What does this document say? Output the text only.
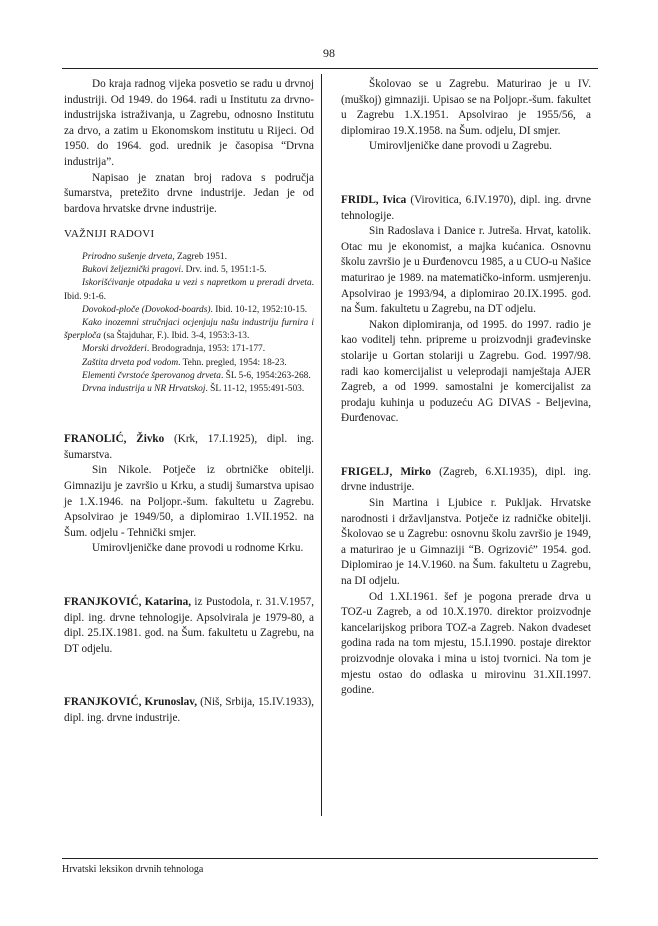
98

Do kraja radnog vijeka posvetio se radu u drvnoj industriji. Od 1949. do 1964. radi u Institutu za drvno-industrijska istraživanja, u Zagrebu, odnosno Institutu za drvo, a zatim u Ekonomskom institutu u Rijeci. Od 1950. do 1964. god. urednik je časopisa “Drvna industrija”.

Napisao je znatan broj radova s područja šumarstva, pretežito drvne industrije. Jedan je od bardova hrvatske drvne industrije.

VAŽNIJI RADOVI

Prirodno sušenje drveta, Zagreb 1951.

Bukovi željeznički pragovi. Drv. ind. 5, 1951:1-5.

Iskorišćivanje otpadaka u vezi s napretkom u preradi drveta. Ibid. 9:1-6.

Dovokod-ploče (Dovokod-boards). Ibid. 10-12, 1952:10-15.

Kako inozemni stručnjaci ocjenjuju našu industriju furnira i šperploča (sa Štajduhar, F.). Ibid. 3-4, 1953:3-13.

Morski drvožderi. Brodogradnja, 1953: 171-177.

Zaštita drveta pod vodom. Tehn. pregled, 1954: 18-23.

Elementi čvrstoće šperovanog drveta. ŠL 5-6, 1954:263-268.

Drvna industrija u NR Hrvatskoj. ŠL 11-12, 1955:491-503.

FRANOLIĆ, Živko (Krk, 17.I.1925), dipl. ing. šumarstva.

Sin Nikole. Potječe iz obrtničke obitelji. Gimnaziju je završio u Krku, a studij šumarstva upisao je 1.X.1946. na Poljopr.-šum. fakultetu u Zagrebu. Apsolvirao je 1949/50, a diplomirao 1.VII.1952. na Šum. odjelu - Tehnički smjer.

Umirovljeničke dane provodi u rodnome Krku.

FRANJKOVIĆ, Katarina, iz Pustodola, r. 31.V.1957, dipl. ing. drvne tehnologije. Apsolvirala je 1979-80, a dipl. 25.IX.1981. god. na Šum. fakultetu u Zagrebu, na DT odjelu.

FRANJKOVIĆ, Krunoslav, (Niš, Srbija, 15.IV.1933), dipl. ing. drvne industrije.

Školovao se u Zagrebu. Maturirao je u IV. (muškoj) gimnaziji. Upisao se na Poljopr.-šum. fakultet u Zagrebu 1.X.1951. Apsolvirao je 1955/56, a diplomirao 19.X.1958. na Šum. odjelu, DI smjer.

Umirovljeničke dane provodi u Zagrebu.

FRIDL, Ivica (Virovitica, 6.IV.1970), dipl. ing. drvne tehnologije.

Sin Radoslava i Danice r. Jutreša. Hrvat, katolik. Otac mu je ekonomist, a majka kućanica. Osnovnu školu završio je u Đurđenovcu 1985, a u CUO-u Našice maturirao je 1989. na matematičko-inform. usmjerenju. Apsolvirao je 1993/94, a diplomirao 20.IX.1995. god. na Šum. fakultetu u Zagrebu, na DT odjelu.

Nakon diplomiranja, od 1995. do 1997. radio je kao voditelj tehn. pripreme u proizvodnji građevinske stolarije u Gortan stolariji u Zagrebu. God. 1997/98. radi kao komercijalist u veleprodaji namještaja AJER Zagreb, a od 1999. samostalni je komercijalist za prodaju kuhinja u poduzeću AG DIVAS - Beljevina, Đurđenovac.

FRIGELJ, Mirko (Zagreb, 6.XI.1935), dipl. ing. drvne industrije.

Sin Martina i Ljubice r. Pukljak. Hrvatske narodnosti i državljanstva. Potječe iz radničke obitelji. Školovao se u Zagrebu: osnovnu školu završio je 1949, a maturirao je u Gimnaziji “B. Ogrizović” 1954. god. Diplomirao je 14.V.1960. na Šum. fakultetu u Zagrebu, na DI odjelu.

Od 1.XI.1961. šef je pogona prerade drva u TOZ-u Zagreb, a od 10.X.1970. direktor proizvodnje kancelarijskog pribora TOZ-a Zagreb. Nakon dvadeset godina rada na tom mjestu, 15.I.1990. postaje direktor proizvodnje olovaka i mina u istoj tvornici. Na tom je mjestu ostao do odlaska u mirovinu 31.XII.1997. godine.

Hrvatski leksikon drvnih tehnologa
